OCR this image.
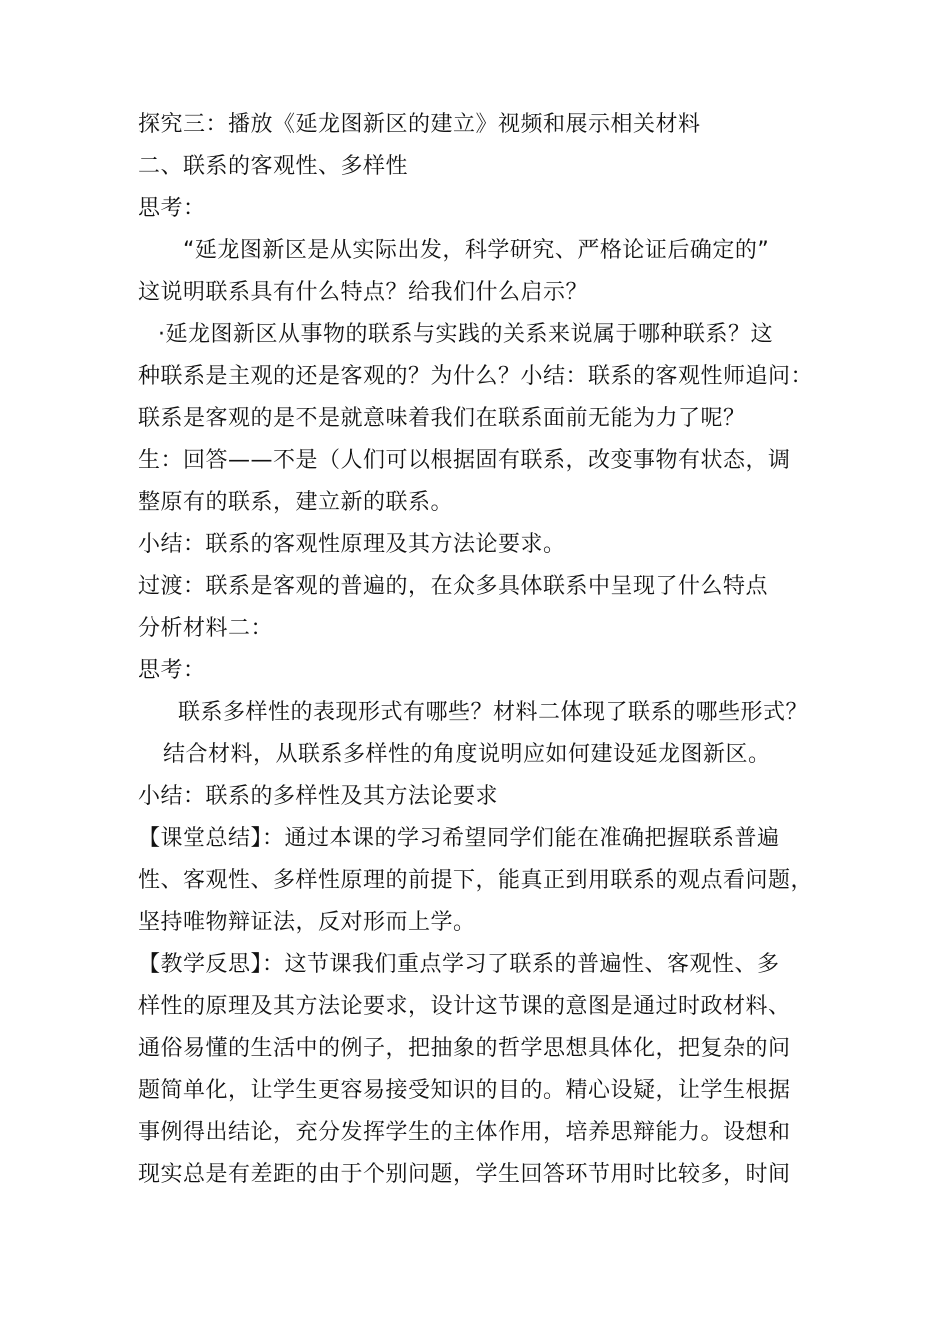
探究三：播放《延龙图新区的建立》视频和展示相关材料
二、联系的客观性、多样性
思考：
“延龙图新区是从实际出发，科学研究、严格论证后确定的”
这说明联系具有什么特点？给我们什么启示？
·延龙图新区从事物的联系与实践的关系来说属于哪种联系？这
种联系是主观的还是客观的？为什么？小结：联系的客观性师追问：
联系是客观的是不是就意味着我们在联系面前无能为力了呢？
生：回答——不是（人们可以根据固有联系，改变事物有状态，调
整原有的联系，建立新的联系。
小结：联系的客观性原理及其方法论要求。
过渡：联系是客观的普遍的，在众多具体联系中呈现了什么特点
分析材料二：
思考：
联系多样性的表现形式有哪些？材料二体现了联系的哪些形式？
结合材料，从联系多样性的角度说明应如何建设延龙图新区。
小结：联系的多样性及其方法论要求
【课堂总结】：通过本课的学习希望同学们能在准确把握联系普遍
性、客观性、多样性原理的前提下，能真正到用联系的观点看问题，
坚持唯物辩证法，反对形而上学。
【教学反思】：这节课我们重点学习了联系的普遍性、客观性、多
样性的原理及其方法论要求，设计这节课的意图是通过时政材料、
通俗易懂的生活中的例子，把抽象的哲学思想具体化，把复杂的问
题简单化，让学生更容易接受知识的目的。精心设疑，让学生根据
事例得出结论，充分发挥学生的主体作用，培养思辩能力。设想和
现实总是有差距的由于个别问题，学生回答环节用时比较多，时间
